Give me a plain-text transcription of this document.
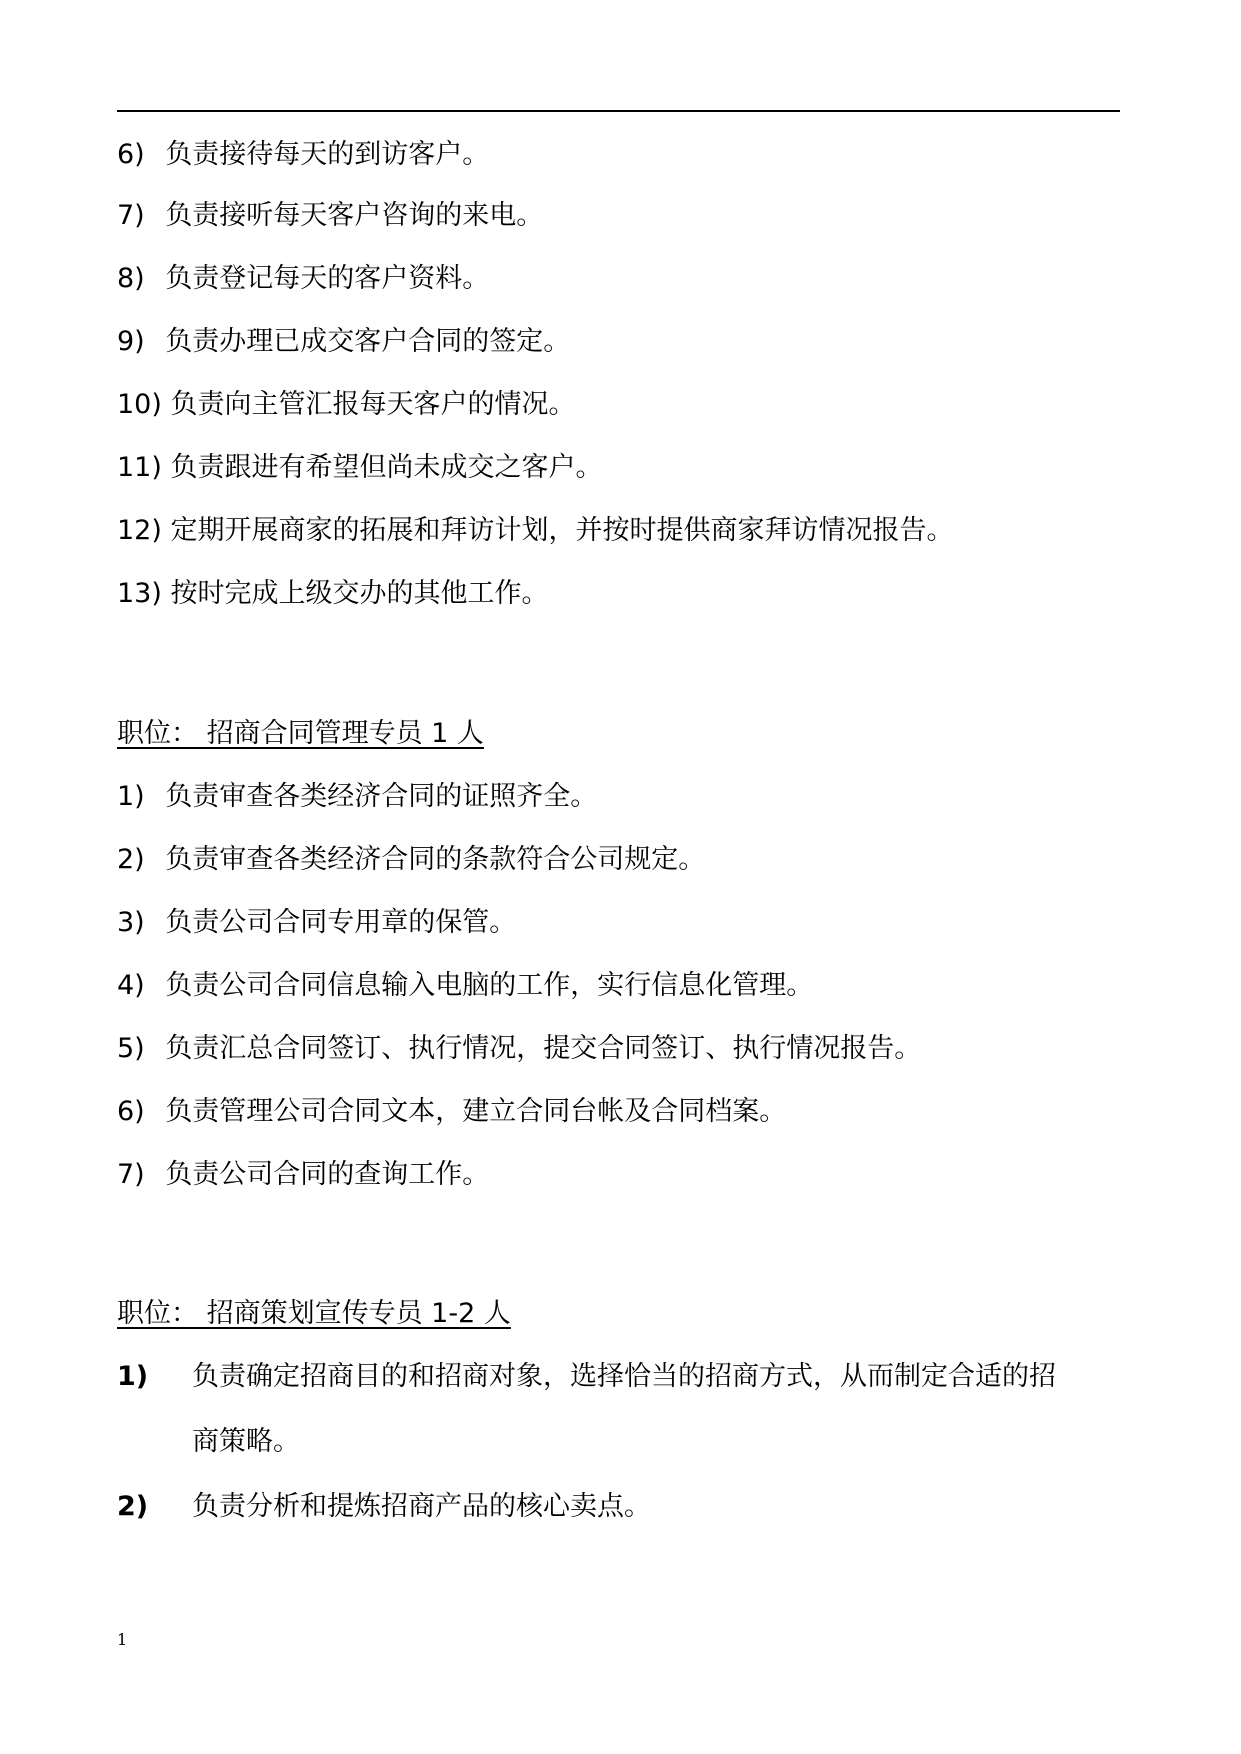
6) 负责接待每天的到访客户。
7) 负责接听每天客户咨询的来电。
8) 负责登记每天的客户资料。
9) 负责办理已成交客户合同的签定。
10) 负责向主管汇报每天客户的情况。
11) 负责跟进有希望但尚未成交之客户。
12) 定期开展商家的拓展和拜访计划，并按时提供商家拜访情况报告。
13) 按时完成上级交办的其他工作。
职位： 招商合同管理专员 1 人
1) 负责审查各类经济合同的证照齐全。
2) 负责审查各类经济合同的条款符合公司规定。
3) 负责公司合同专用章的保管。
4) 负责公司合同信息输入电脑的工作，实行信息化管理。
5) 负责汇总合同签订、执行情况，提交合同签订、执行情况报告。
6) 负责管理公司合同文本，建立合同台帐及合同档案。
7) 负责公司合同的查询工作。
职位： 招商策划宣传专员 1-2 人
1) 负责确定招商目的和招商对象，选择恰当的招商方式，从而制定合适的招
商策略。
2) 负责分析和提炼招商产品的核心卖点。
1
